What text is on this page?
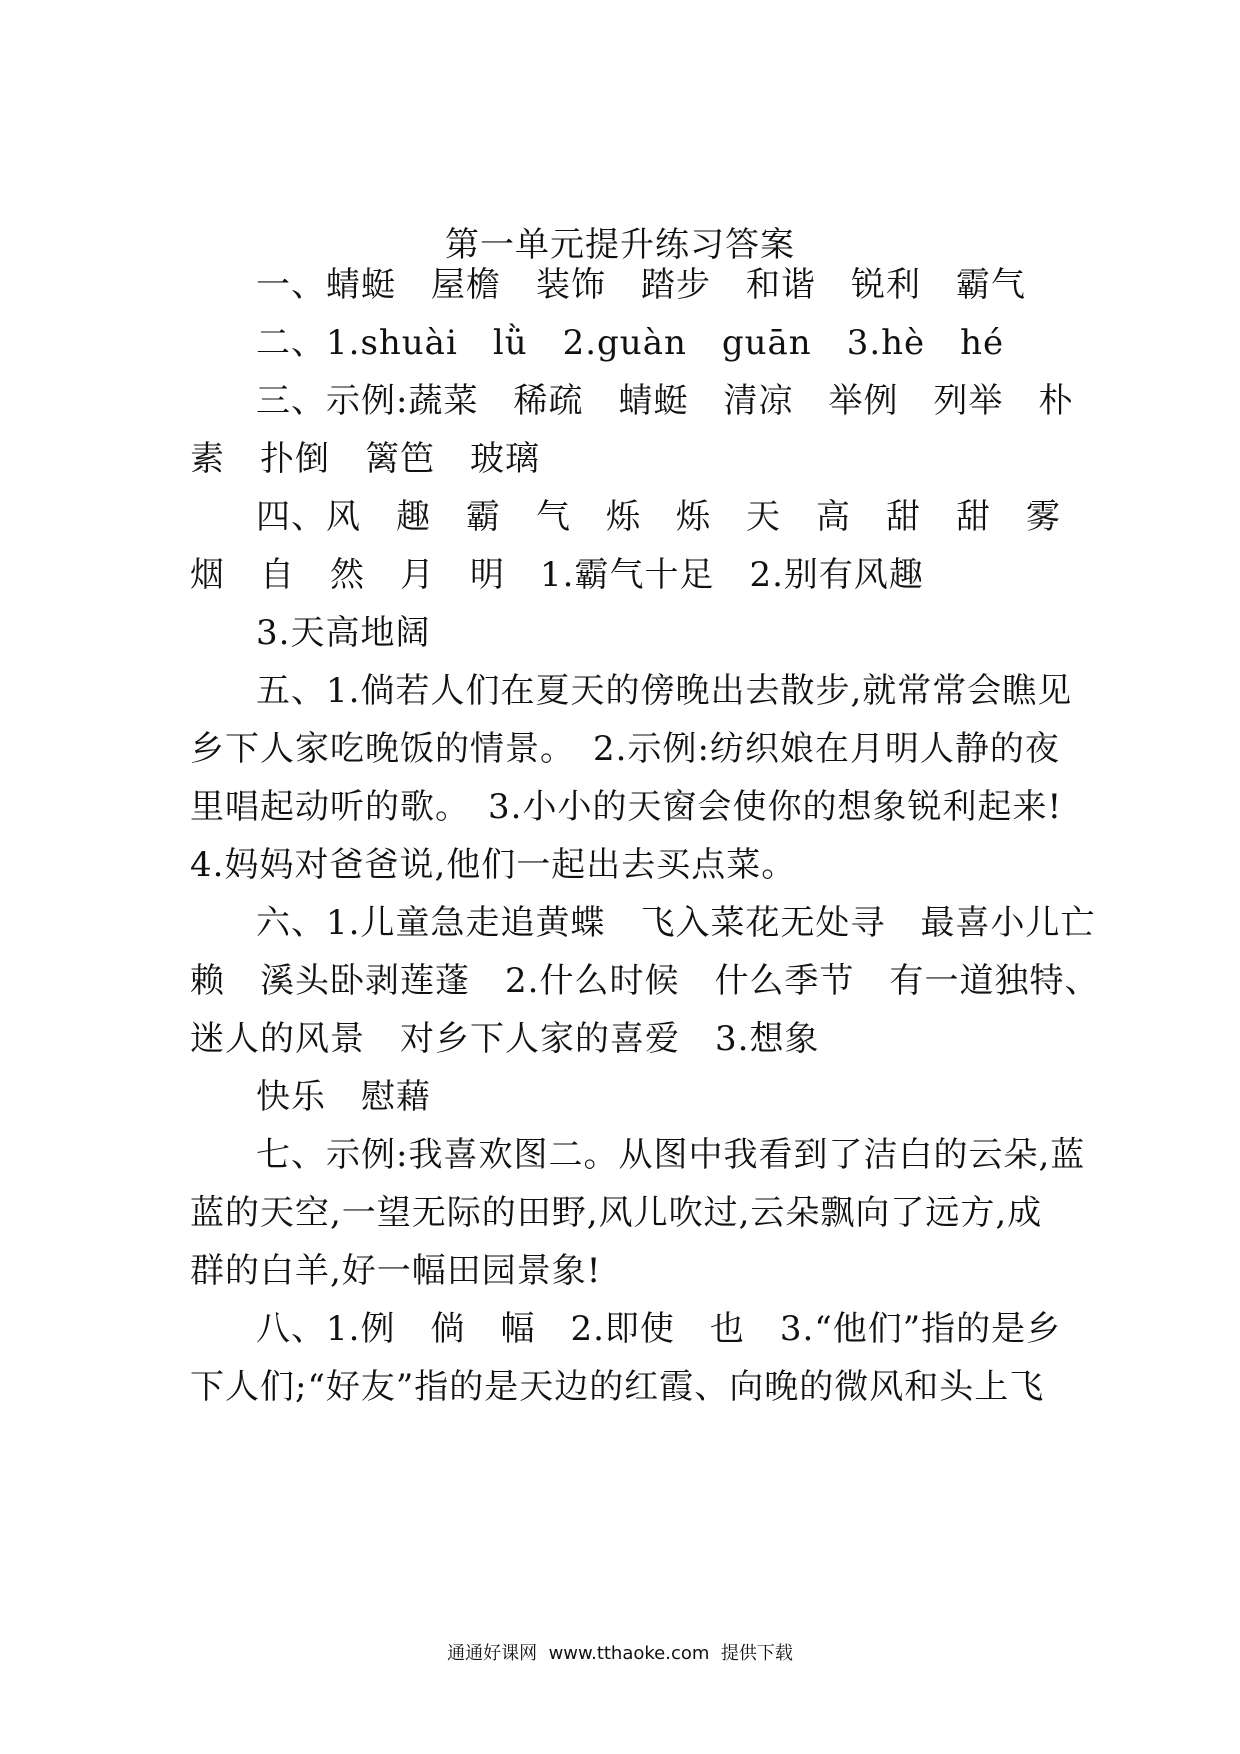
第一单元提升练习答案
一、蜻蜓　屋檐　装饰　踏步　和谐　锐利　霸气
二、1.shuài　lǜ　2.guàn　guān　3.hè　hé
三、示例:蔬菜　稀疏　蜻蜓　清凉　举例　列举　朴
素　扑倒　篱笆　玻璃
四、风　趣　霸　气　烁　烁　天　高　甜　甜　雾
烟　自　然　月　明　1.霸气十足　2.别有风趣
3.天高地阔
五、1.倘若人们在夏天的傍晚出去散步,就常常会瞧见
乡下人家吃晚饭的情景。　2.示例:纺织娘在月明人静的夜
里唱起动听的歌。　3.小小的天窗会使你的想象锐利起来!
4.妈妈对爸爸说,他们一起出去买点菜。
六、1.儿童急走追黄蝶　飞入菜花无处寻　最喜小儿亡
赖　溪头卧剥莲蓬　2.什么时候　什么季节　有一道独特、
迷人的风景　对乡下人家的喜爱　3.想象
快乐　慰藉
七、示例:我喜欢图二。从图中我看到了洁白的云朵,蓝
蓝的天空,一望无际的田野,风儿吹过,云朵飘向了远方,成
群的白羊,好一幅田园景象!
八、1.例　倘　幅　2.即使　也　3.“他们”指的是乡
下人们;“好友”指的是天边的红霞、向晚的微风和头上飞
通通好课网  www.tthaoke.com  提供下载
